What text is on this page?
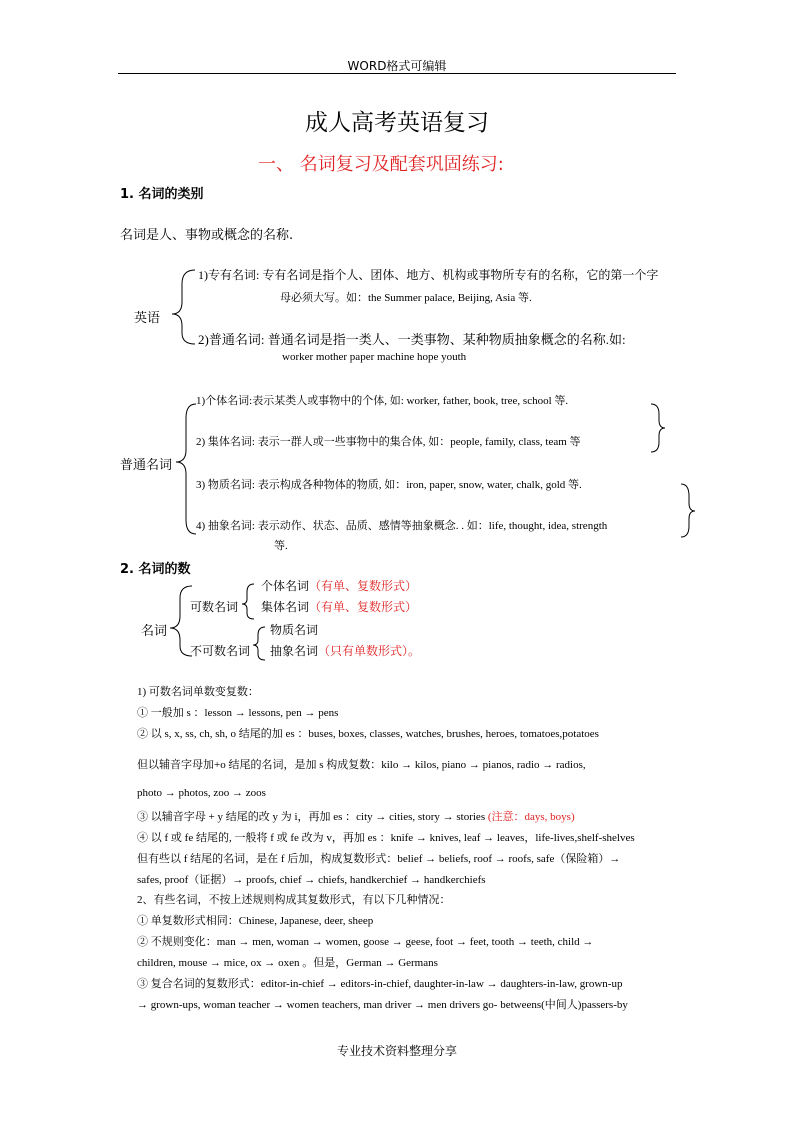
WORD格式可编辑
成人高考英语复习
一、 名词复习及配套巩固练习:
1. 名词的类别
名词是人、事物或概念的名称.
英语
1)专有名词: 专有名词是指个人、团体、地方、机构或事物所专有的名称，它的第一个字
母必须大写。如：the Summer palace, Beijing, Asia 等.
2)普通名词: 普通名词是指一类人、一类事物、某种物质抽象概念的名称.如:
worker mother paper machine hope youth
普通名词
1)个体名词:表示某类人或事物中的个体, 如: worker, father, book, tree, school 等.
2) 集体名词: 表示一群人或一些事物中的集合体, 如：people, family, class, team 等
3) 物质名词: 表示构成各种物体的物质, 如：iron, paper, snow, water, chalk, gold 等.
4) 抽象名词: 表示动作、状态、品质、感情等抽象概念. . 如：life, thought, idea, strength
等.
2. 名词的数
名词
可数名词
不可数名词
个体名词（有单、复数形式）
集体名词（有单、复数形式）
物质名词
抽象名词（只有单数形式）。
1) 可数名词单数变复数：
① 一般加 s ：lesson → lessons, pen → pens
② 以 s, x, ss, ch, sh, o 结尾的加 es ：buses, boxes, classes, watches, brushes, heroes, tomatoes,potatoes
但以辅音字母加+o 结尾的名词，是加 s 构成复数：kilo → kilos, piano → pianos, radio → radios,
photo → photos, zoo → zoos
③ 以辅音字母 + y 结尾的改 y 为 i，再加 es ：city → cities, story → stories (注意：days, boys)
④ 以 f 或 fe 结尾的, 一般将 f 或 fe 改为 v，再加 es ：knife → knives, leaf → leaves，life-lives,shelf-shelves
但有些以 f 结尾的名词，是在 f 后加，构成复数形式：belief → beliefs, roof → roofs, safe（保险箱）→
safes, proof（证据）→ proofs, chief → chiefs, handkerchief → handkerchiefs
2、有些名词，不按上述规则构成其复数形式，有以下几种情况：
① 单复数形式相同：Chinese, Japanese, deer, sheep
② 不规则变化：man → men, woman → women, goose → geese, foot → feet, tooth → teeth, child →
children, mouse → mice, ox → oxen 。但是，German → Germans
③ 复合名词的复数形式：editor-in-chief → editors-in-chief, daughter-in-law → daughters-in-law, grown-up
→ grown-ups, woman teacher → women teachers, man driver → men drivers go- betweens(中间人)passers-by
专业技术资料整理分享
